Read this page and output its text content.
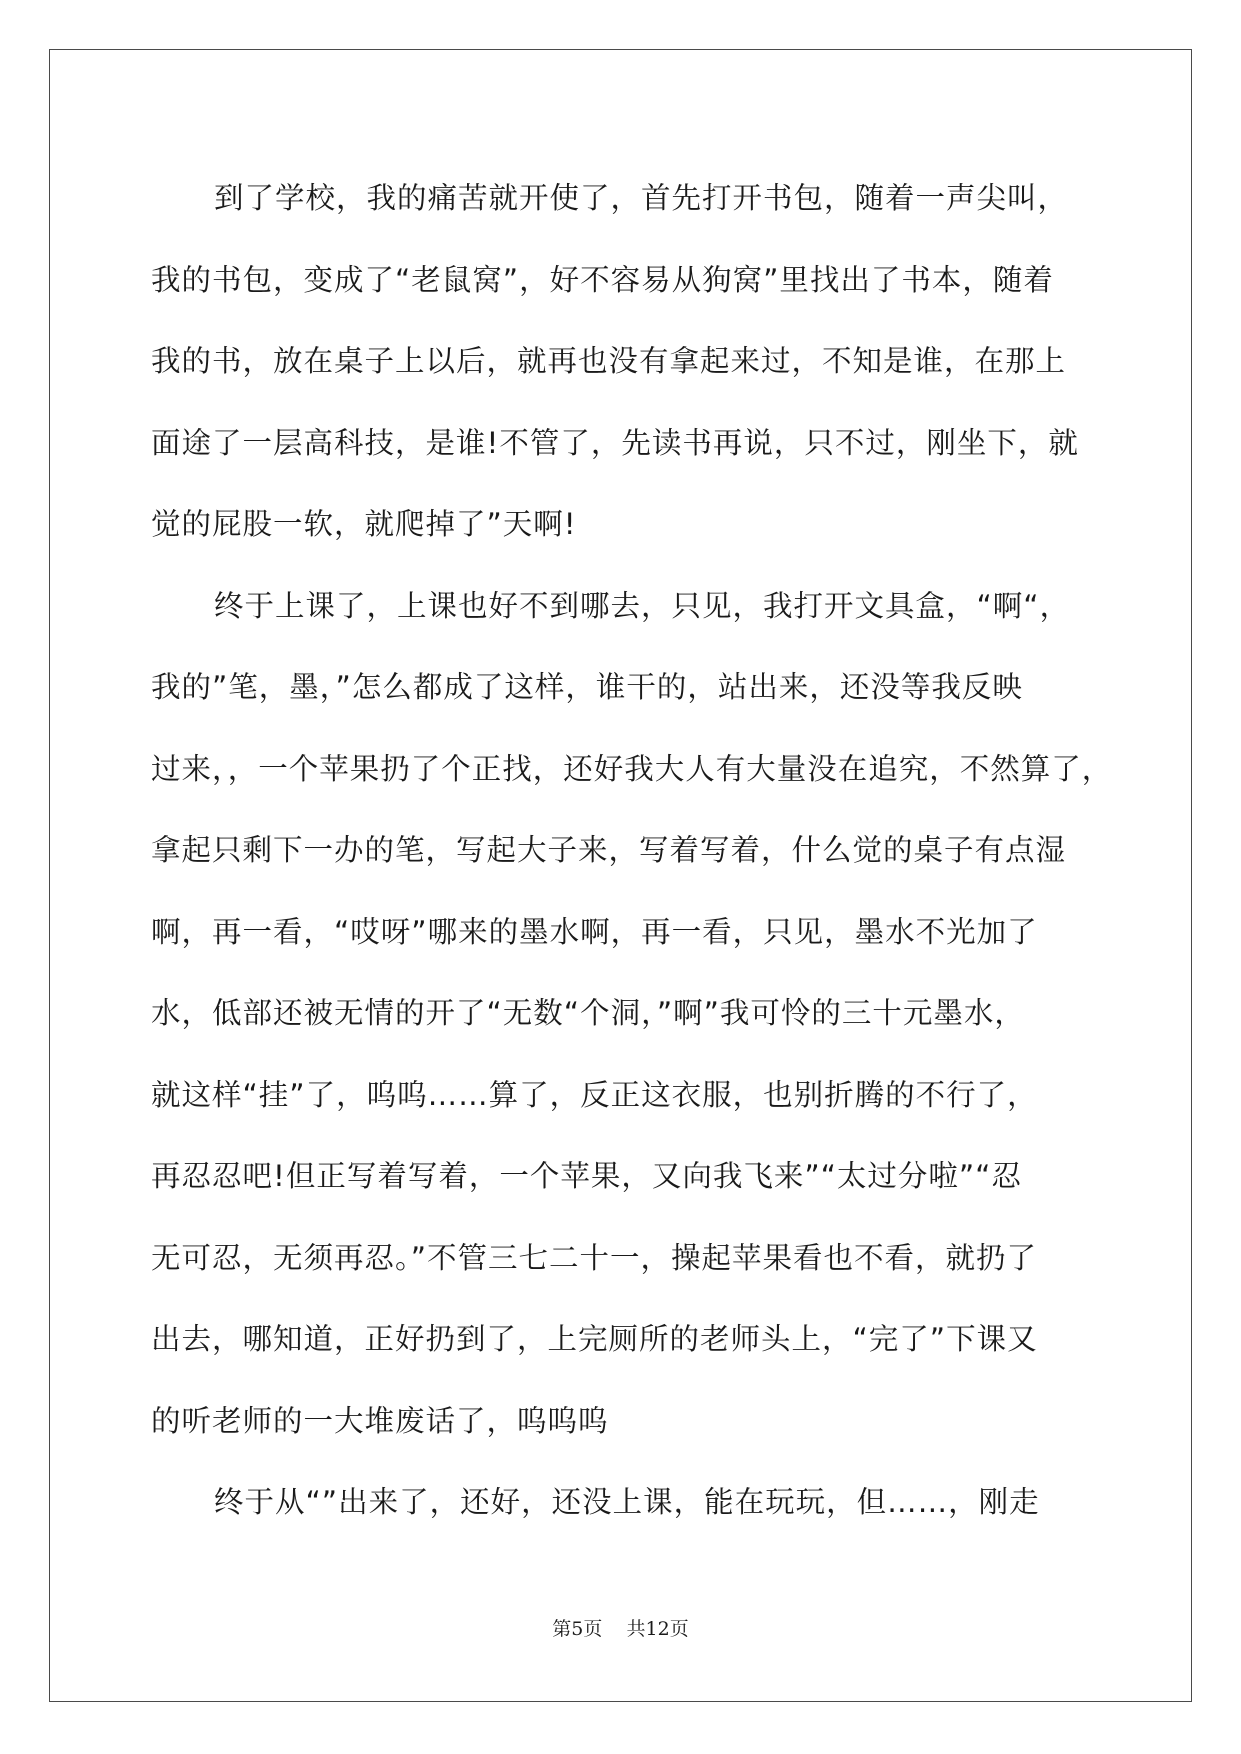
到了学校，我的痛苦就开使了，首先打开书包，随着一声尖叫，
我的书包，变成了“老鼠窝”，好不容易从狗窝”里找出了书本，随着
我的书，放在桌子上以后，就再也没有拿起来过，不知是谁，在那上
面途了一层高科技，是谁!不管了，先读书再说，只不过，刚坐下，就
觉的屁股一软，就爬掉了”天啊!

终于上课了，上课也好不到哪去，只见，我打开文具盒，“啊“，
我的”笔，墨，”怎么都成了这样，谁干的，站出来，还没等我反映
过来，，一个苹果扔了个正找，还好我大人有大量没在追究，不然算了，
拿起只剩下一办的笔，写起大子来，写着写着，什么觉的桌子有点湿
啊，再一看，“哎呀”哪来的墨水啊，再一看，只见，墨水不光加了
水，低部还被无情的开了“无数“个洞，”啊”我可怜的三十元墨水，
就这样“挂”了，呜呜……算了，反正这衣服，也别折腾的不行了，
再忍忍吧!但正写着写着，一个苹果，又向我飞来”“太过分啦”“忍
无可忍，无须再忍。”不管三七二十一，操起苹果看也不看，就扔了
出去，哪知道，正好扔到了，上完厕所的老师头上，“完了”下课又
的听老师的一大堆废话了，呜呜呜

终于从“”出来了，还好，还没上课，能在玩玩，但……，刚走

第5页 共12页
